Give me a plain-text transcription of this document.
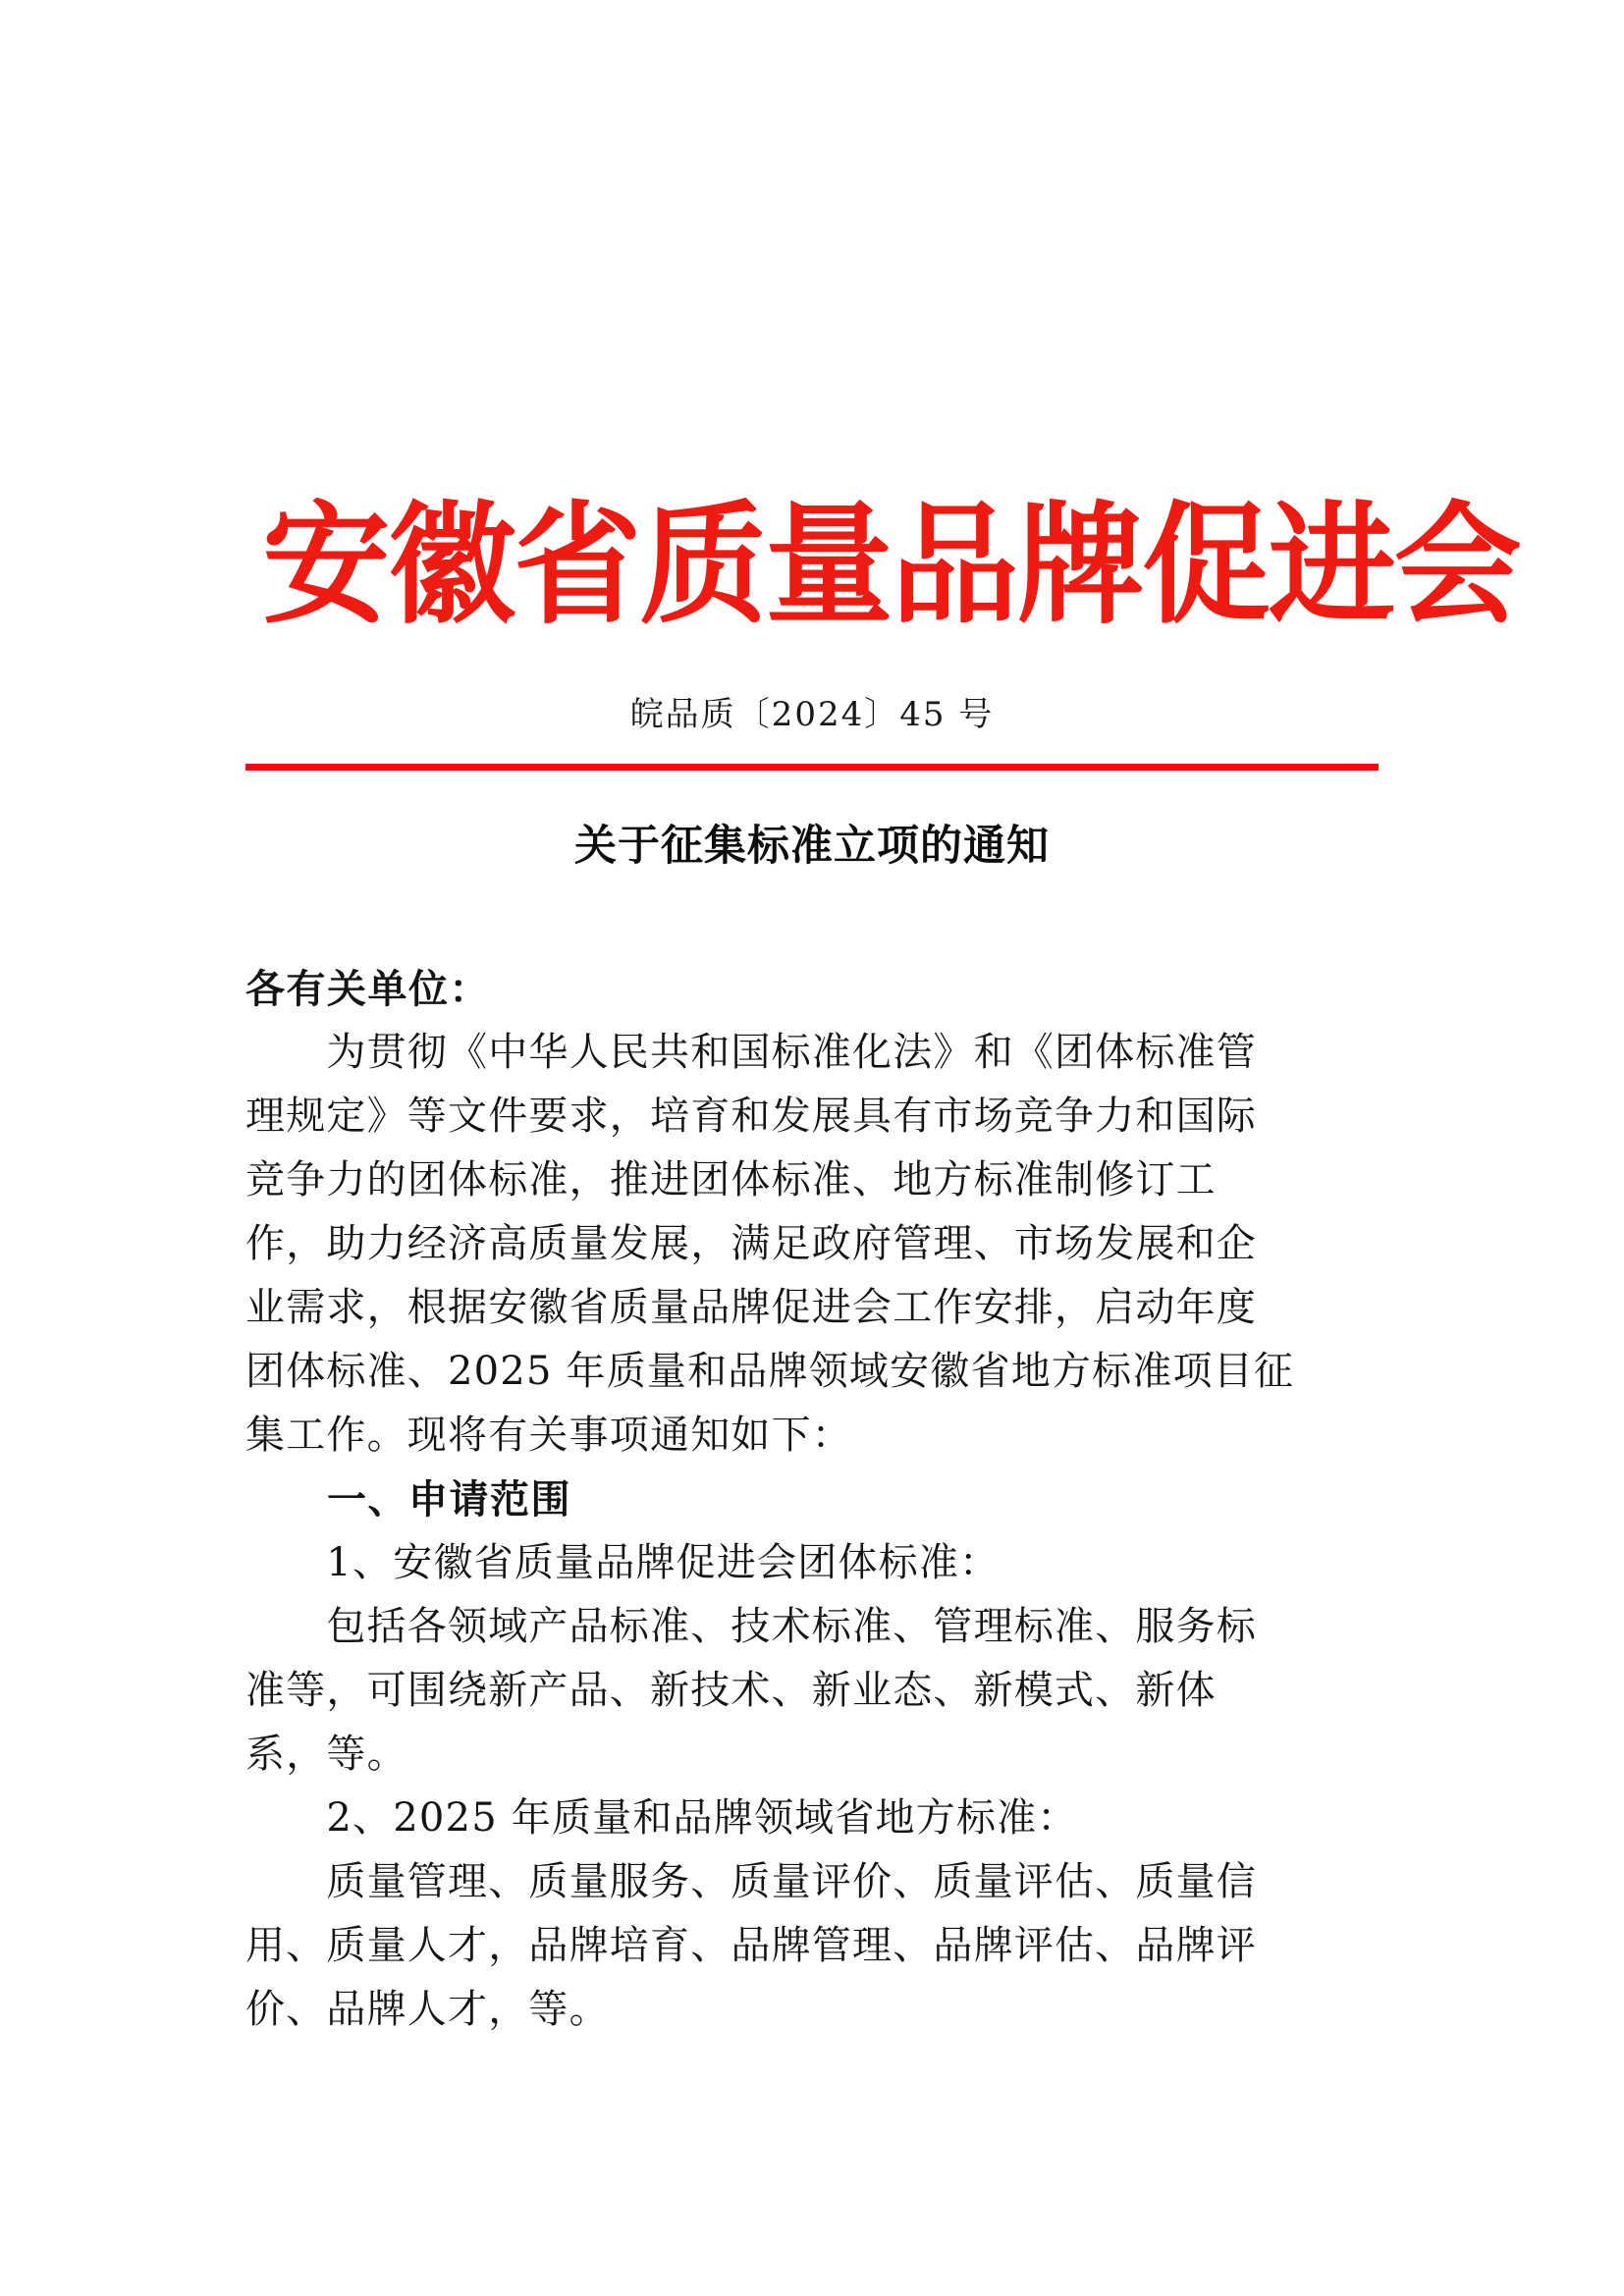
安徽省质量品牌促进会
皖品质〔2024〕45 号
关于征集标准立项的通知

各有关单位：

　　为贯彻《中华人民共和国标准化法》和《团体标准管

理规定》等文件要求，培育和发展具有市场竞争力和国际

竞争力的团体标准，推进团体标准、地方标准制修订工

作，助力经济高质量发展，满足政府管理、市场发展和企

业需求，根据安徽省质量品牌促进会工作安排，启动年度

团体标准、2025 年质量和品牌领域安徽省地方标准项目征

集工作。现将有关事项通知如下：

　　一、申请范围

　　1、安徽省质量品牌促进会团体标准：

　　包括各领域产品标准、技术标准、管理标准、服务标

准等，可围绕新产品、新技术、新业态、新模式、新体

系，等。

　　2、2025 年质量和品牌领域省地方标准：

　　质量管理、质量服务、质量评价、质量评估、质量信

用、质量人才，品牌培育、品牌管理、品牌评估、品牌评

价、品牌人才，等。
